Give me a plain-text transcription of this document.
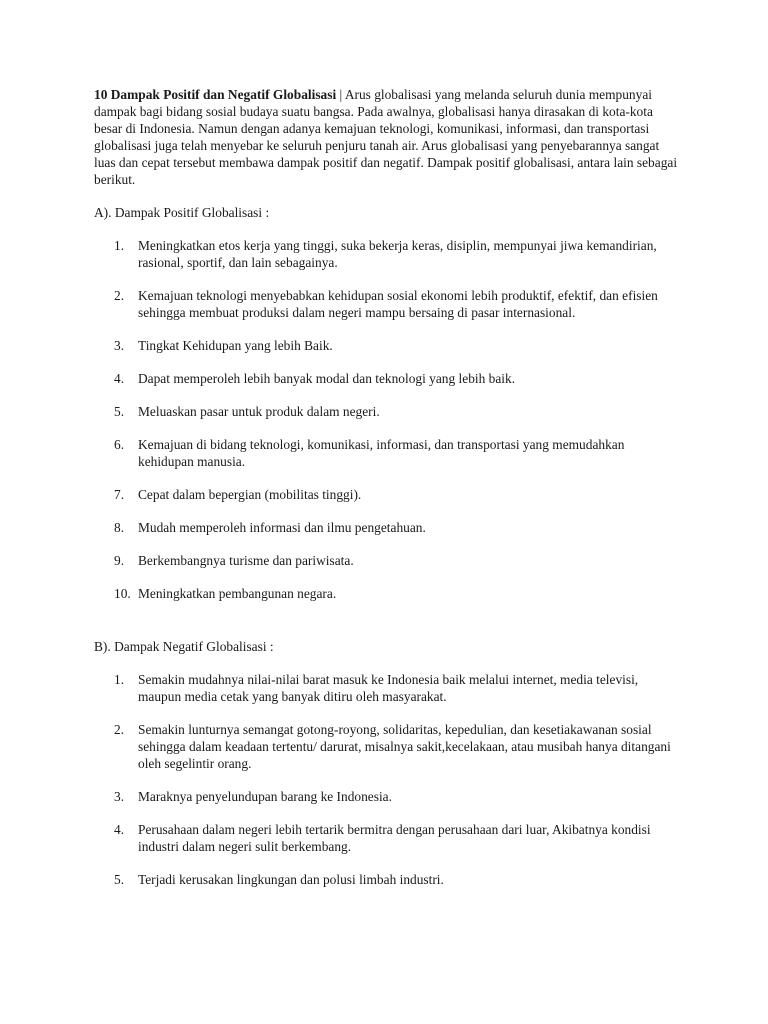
10 Dampak Positif dan Negatif Globalisasi | Arus globalisasi yang melanda seluruh dunia mempunyai dampak bagi bidang sosial budaya suatu bangsa. Pada awalnya, globalisasi hanya dirasakan di kota-kota besar di Indonesia. Namun dengan adanya kemajuan teknologi, komunikasi, informasi, dan transportasi globalisasi juga telah menyebar ke seluruh penjuru tanah air. Arus globalisasi yang penyebarannya sangat luas dan cepat tersebut membawa dampak positif dan negatif. Dampak positif globalisasi, antara lain sebagai berikut.

A). Dampak Positif Globalisasi :

1.	Meningkatkan etos kerja yang tinggi, suka bekerja keras, disiplin, mempunyai jiwa kemandirian, rasional, sportif, dan lain sebagainya.
2.	Kemajuan teknologi menyebabkan kehidupan sosial ekonomi lebih produktif, efektif, dan efisien sehingga membuat produksi dalam negeri mampu bersaing di pasar internasional.
3.	Tingkat Kehidupan yang lebih Baik.
4.	Dapat memperoleh lebih banyak modal dan teknologi yang lebih baik.
5.	Meluaskan pasar untuk produk dalam negeri.
6.	Kemajuan di bidang teknologi, komunikasi, informasi, dan transportasi yang memudahkan kehidupan manusia.
7.	Cepat dalam bepergian (mobilitas tinggi).
8.	Mudah memperoleh informasi dan ilmu pengetahuan.
9.	Berkembangnya turisme dan pariwisata.
10. Meningkatkan pembangunan negara.

B). Dampak Negatif Globalisasi :

1.	Semakin mudahnya nilai-nilai barat masuk ke Indonesia baik melalui internet, media televisi, maupun media cetak yang banyak ditiru oleh masyarakat.
2.	Semakin lunturnya semangat gotong-royong, solidaritas, kepedulian, dan kesetiakawanan sosial sehingga dalam keadaan tertentu/ darurat, misalnya sakit,kecelakaan, atau musibah hanya ditangani oleh segelintir orang.
3.	Maraknya penyelundupan barang ke Indonesia.
4.	Perusahaan dalam negeri lebih tertarik bermitra dengan perusahaan dari luar, Akibatnya kondisi industri dalam negeri sulit berkembang.
5.	Terjadi kerusakan lingkungan dan polusi limbah industri.
